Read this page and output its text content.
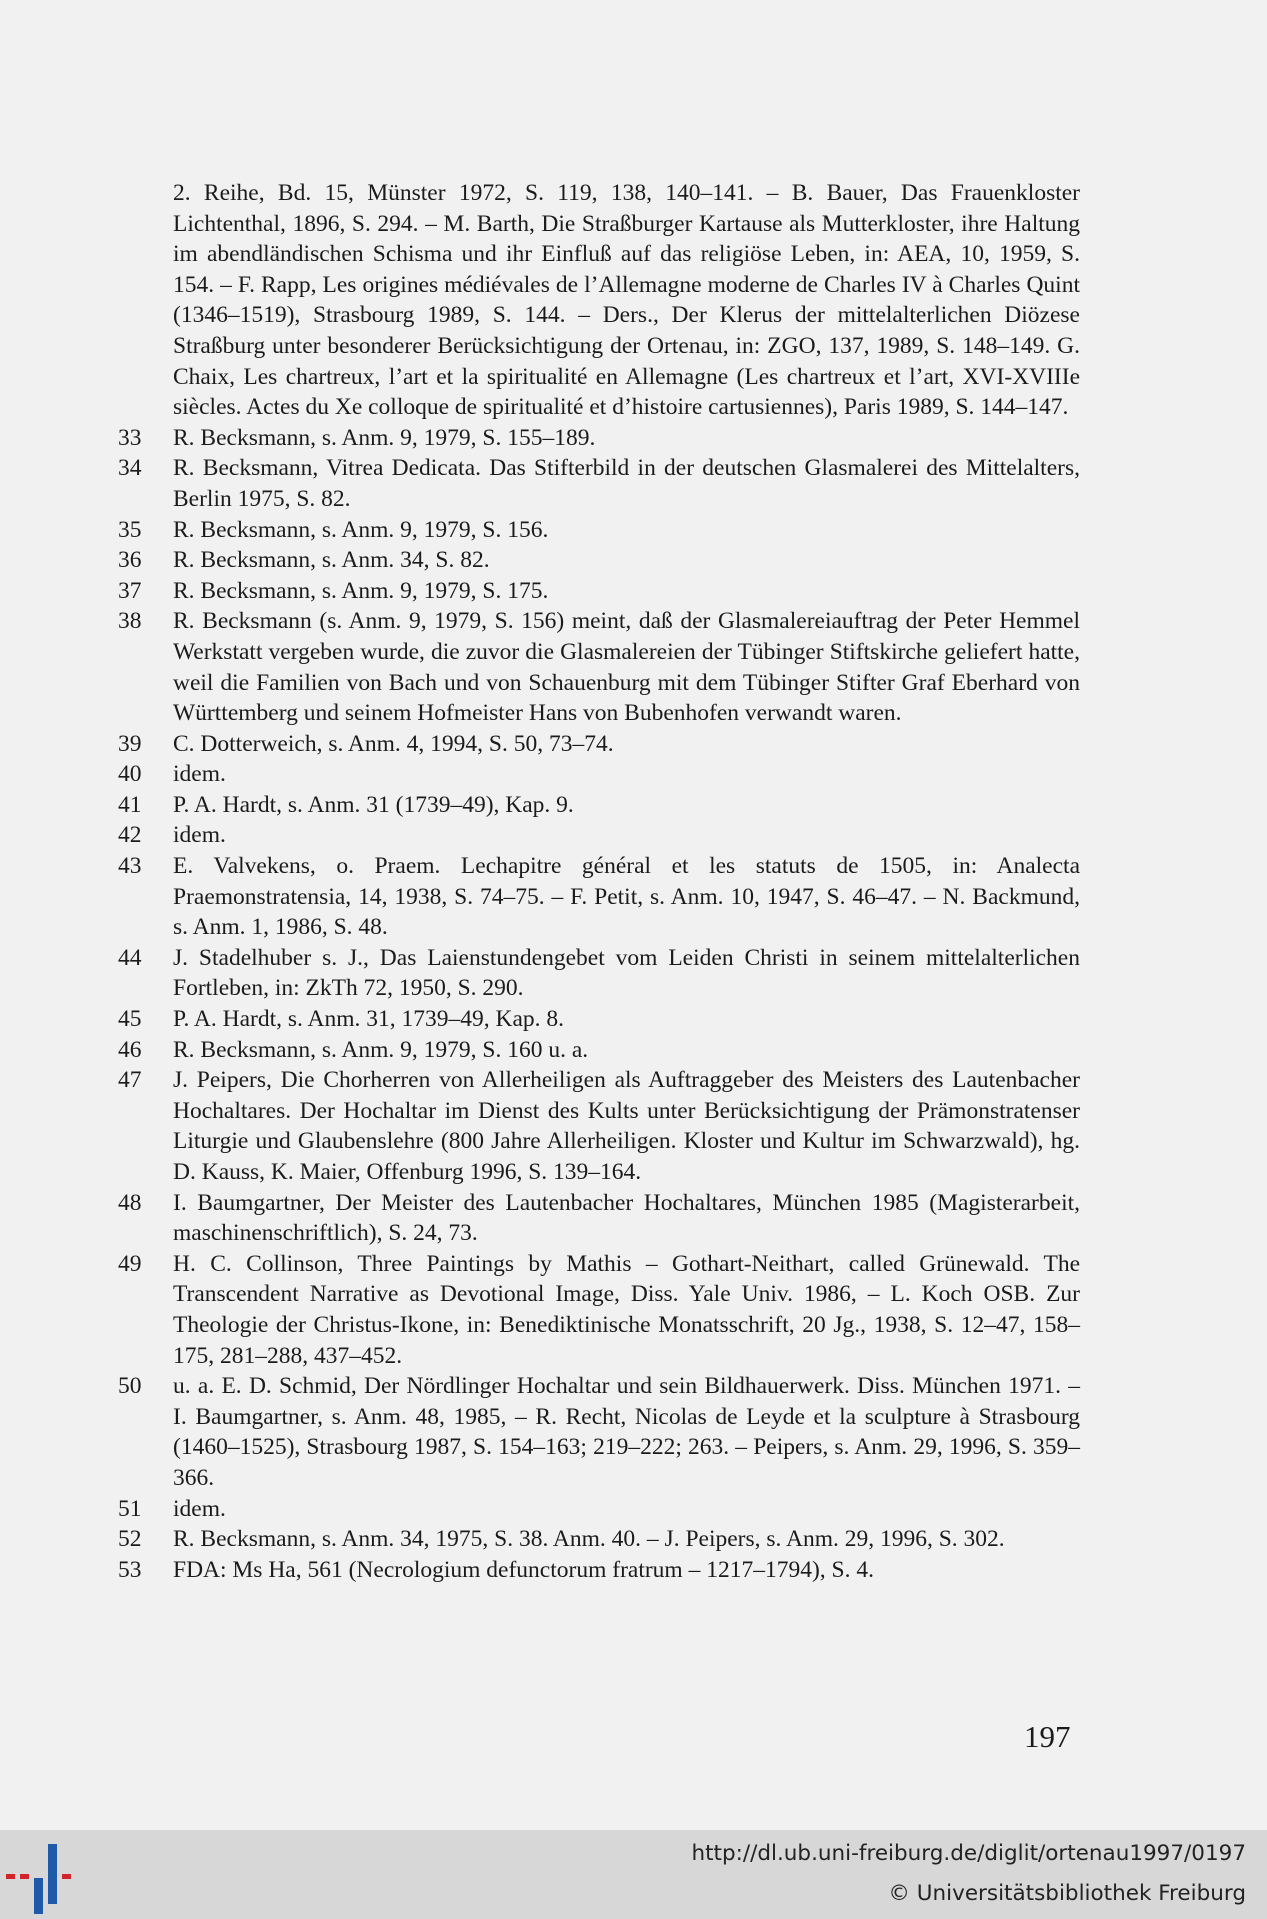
2. Reihe, Bd. 15, Münster 1972, S. 119, 138, 140–141. – B. Bauer, Das Frauenkloster Lichtenthal, 1896, S. 294. – M. Barth, Die Straßburger Kartause als Mutterkloster, ihre Haltung im abendländischen Schisma und ihr Einfluß auf das religiöse Leben, in: AEA, 10, 1959, S. 154. – F. Rapp, Les origines médiévales de l’Allemagne moderne de Charles IV à Charles Quint (1346–1519), Strasbourg 1989, S. 144. – Ders., Der Klerus der mittelalterlichen Diözese Straßburg unter besonderer Berücksichtigung der Ortenau, in: ZGO, 137, 1989, S. 148–149. G. Chaix, Les chartreux, l’art et la spiritualité en Allemagne (Les chartreux et l’art, XVI-XVIIIe siècles. Actes du Xe colloque de spiritualité et d’histoire cartusiennes), Paris 1989, S. 144–147.
33	R. Becksmann, s. Anm. 9, 1979, S. 155–189.
34	R. Becksmann, Vitrea Dedicata. Das Stifterbild in der deutschen Glasmalerei des Mittelalters, Berlin 1975, S. 82.
35	R. Becksmann, s. Anm. 9, 1979, S. 156.
36	R. Becksmann, s. Anm. 34, S. 82.
37	R. Becksmann, s. Anm. 9, 1979, S. 175.
38	R. Becksmann (s. Anm. 9, 1979, S. 156) meint, daß der Glasmalereiauftrag der Peter Hemmel Werkstatt vergeben wurde, die zuvor die Glasmalereien der Tübinger Stiftskirche geliefert hatte, weil die Familien von Bach und von Schauenburg mit dem Tübinger Stifter Graf Eberhard von Württemberg und seinem Hofmeister Hans von Bubenhofen verwandt waren.
39	C. Dotterweich, s. Anm. 4, 1994, S. 50, 73–74.
40	idem.
41	P. A. Hardt, s. Anm. 31 (1739–49), Kap. 9.
42	idem.
43	E. Valvekens, o. Praem. Lechapitre général et les statuts de 1505, in: Analecta Praemonstratensia, 14, 1938, S. 74–75. – F. Petit, s. Anm. 10, 1947, S. 46–47. – N. Backmund, s. Anm. 1, 1986, S. 48.
44	J. Stadelhuber s. J., Das Laienstundengebet vom Leiden Christi in seinem mittelalterlichen Fortleben, in: ZkTh 72, 1950, S. 290.
45	P. A. Hardt, s. Anm. 31, 1739–49, Kap. 8.
46	R. Becksmann, s. Anm. 9, 1979, S. 160 u. a.
47	J. Peipers, Die Chorherren von Allerheiligen als Auftraggeber des Meisters des Lautenbacher Hochaltares. Der Hochaltar im Dienst des Kults unter Berücksichtigung der Prämonstratenser Liturgie und Glaubenslehre (800 Jahre Allerheiligen. Kloster und Kultur im Schwarzwald), hg. D. Kauss, K. Maier, Offenburg 1996, S. 139–164.
48	I. Baumgartner, Der Meister des Lautenbacher Hochaltares, München 1985 (Magisterarbeit, maschinenschriftlich), S. 24, 73.
49	H. C. Collinson, Three Paintings by Mathis – Gothart-Neithart, called Grünewald. The Transcendent Narrative as Devotional Image, Diss. Yale Univ. 1986, – L. Koch OSB. Zur Theologie der Christus-Ikone, in: Benediktinische Monatsschrift, 20 Jg., 1938, S. 12–47, 158–175, 281–288, 437–452.
50	u. a. E. D. Schmid, Der Nördlinger Hochaltar und sein Bildhauerwerk. Diss. München 1971. – I. Baumgartner, s. Anm. 48, 1985, – R. Recht, Nicolas de Leyde et la sculpture à Strasbourg (1460–1525), Strasbourg 1987, S. 154–163; 219–222; 263. – Peipers, s. Anm. 29, 1996, S. 359–366.
51	idem.
52	R. Becksmann, s. Anm. 34, 1975, S. 38. Anm. 40. – J. Peipers, s. Anm. 29, 1996, S. 302.
53	FDA: Ms Ha, 561 (Necrologium defunctorum fratrum – 1217–1794), S. 4.
197
http://dl.ub.uni-freiburg.de/diglit/ortenau1997/0197
© Universitätsbibliothek Freiburg
